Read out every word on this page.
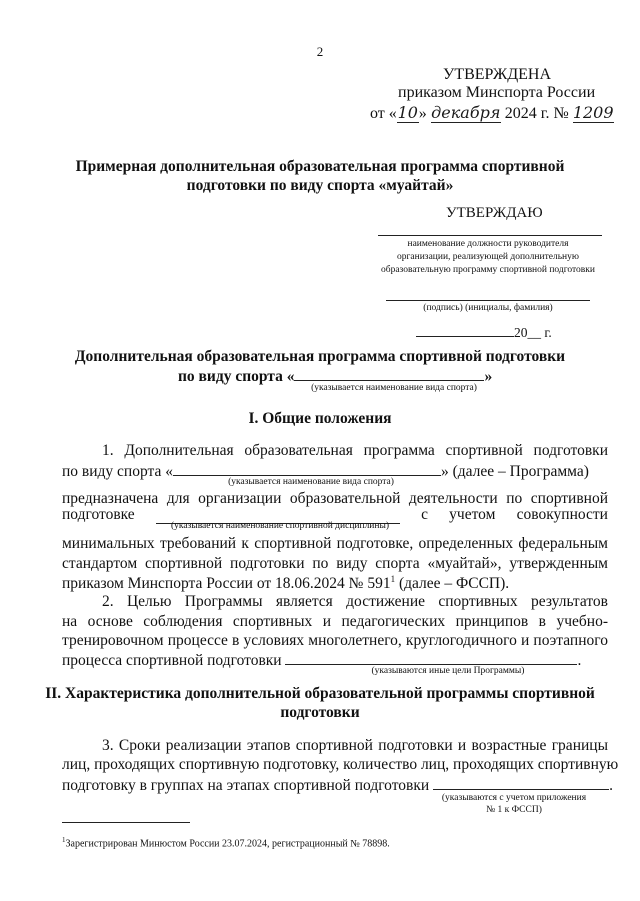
2
УТВЕРЖДЕНА
приказом Минспорта России
от «10» декабря 2024 г. № 1209
Примерная дополнительная образовательная программа спортивной
подготовки по виду спорта «муайтай»
УТВЕРЖДАЮ
наименование должности руководителя
организации, реализующей дополнительную
образовательную программу спортивной подготовки
(подпись) (инициалы, фамилия)
20__ г.
Дополнительная образовательная программа спортивной подготовки
по виду спорта «	»
(указывается наименование вида спорта)
I. Общие положения
1. Дополнительная образовательная программа спортивной подготовки
по виду спорта «	» (далее – Программа)
(указывается наименование вида спорта)
предназначена для организации образовательной деятельности по спортивной
подготовке	с учетом совокупности
(указывается наименование спортивной дисциплины)
минимальных требований к спортивной подготовке, определенных федеральным
стандартом спортивной подготовки по виду спорта «муайтай», утвержденным
приказом Минспорта России от 18.06.2024 № $591^1$ (далее – ФССП).
2. Целью Программы является достижение спортивных результатов
на основе соблюдения спортивных и педагогических принципов в учебно-
тренировочном процессе в условиях многолетнего, круглогодичного и поэтапного
процесса спортивной подготовки	.
(указываются иные цели Программы)
II. Характеристика дополнительной образовательной программы спортивной
подготовки
3. Сроки реализации этапов спортивной подготовки и возрастные границы
лиц, проходящих спортивную подготовку, количество лиц, проходящих спортивную
подготовку в группах на этапах спортивной подготовки	.
(указываются с учетом приложения
№ 1 к ФССП)
$^1$Зарегистрирован Минюстом России 23.07.2024, регистрационный № 78898.
